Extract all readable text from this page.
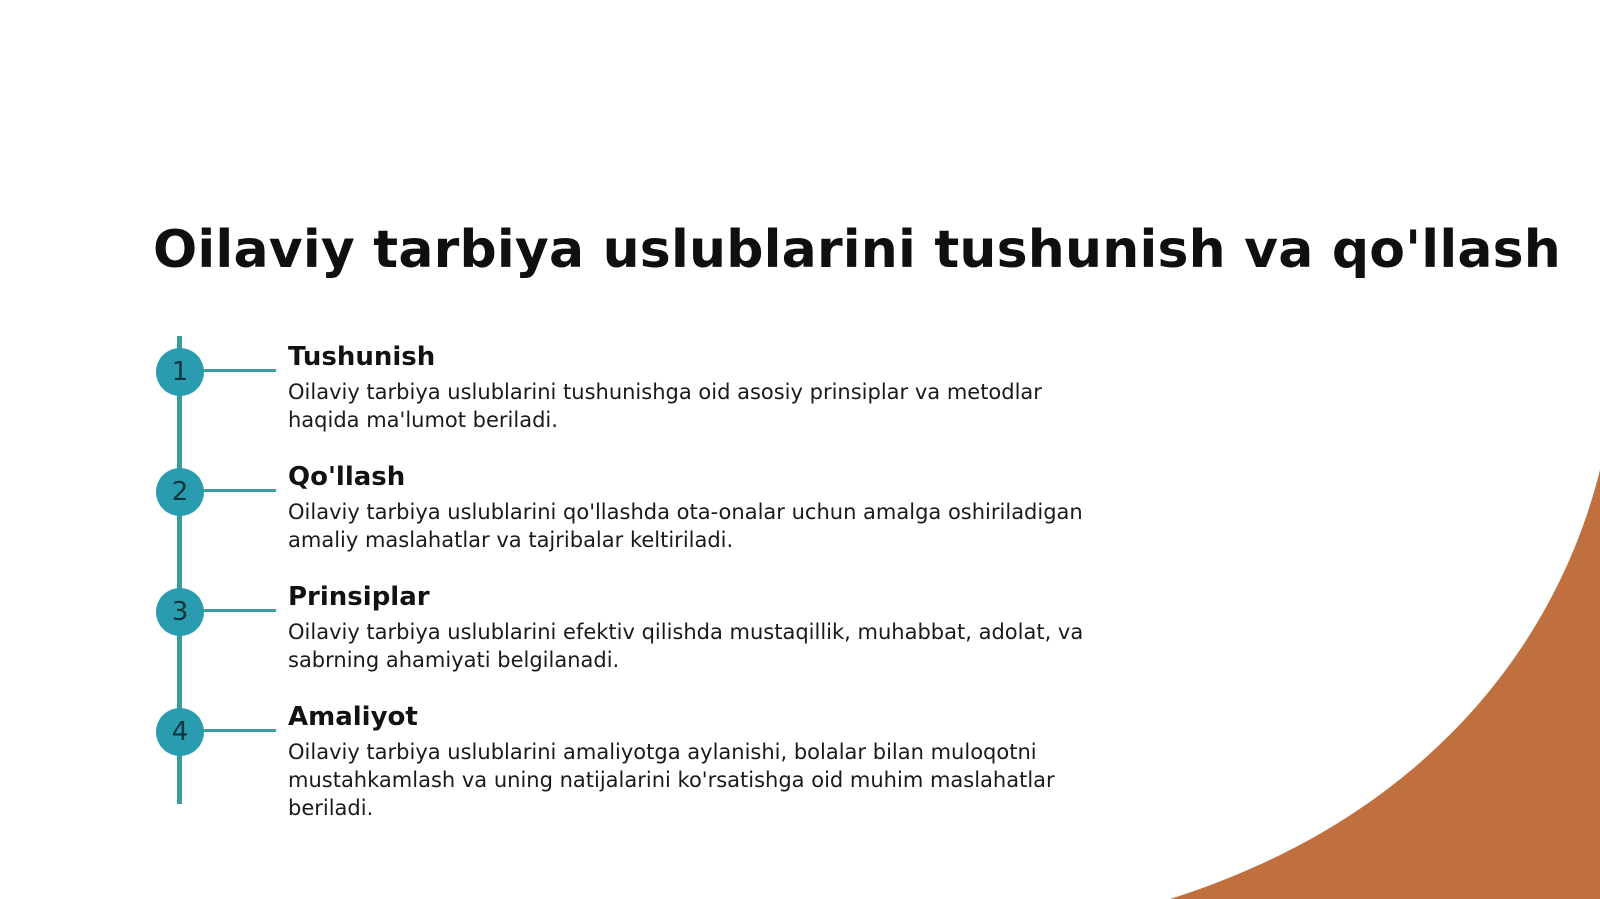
Oilaviy tarbiya uslublarini tushunish va qo'llash
1	Tushunish

Oilaviy tarbiya uslublarini tushunishga oid asosiy prinsiplar va metodlar haqida ma'lumot beriladi.

2	Qo'llash

Oilaviy tarbiya uslublarini qo'llashda ota-onalar uchun amalga oshiriladigan amaliy maslahatlar va tajribalar keltiriladi.

3	Prinsiplar

Oilaviy tarbiya uslublarini efektiv qilishda mustaqillik, muhabbat, adolat, va sabrning ahamiyati belgilanadi.

4	Amaliyot

Oilaviy tarbiya uslublarini amaliyotga aylanishi, bolalar bilan muloqotni mustahkamlash va uning natijalarini ko'rsatishga oid muhim maslahatlar beriladi.
